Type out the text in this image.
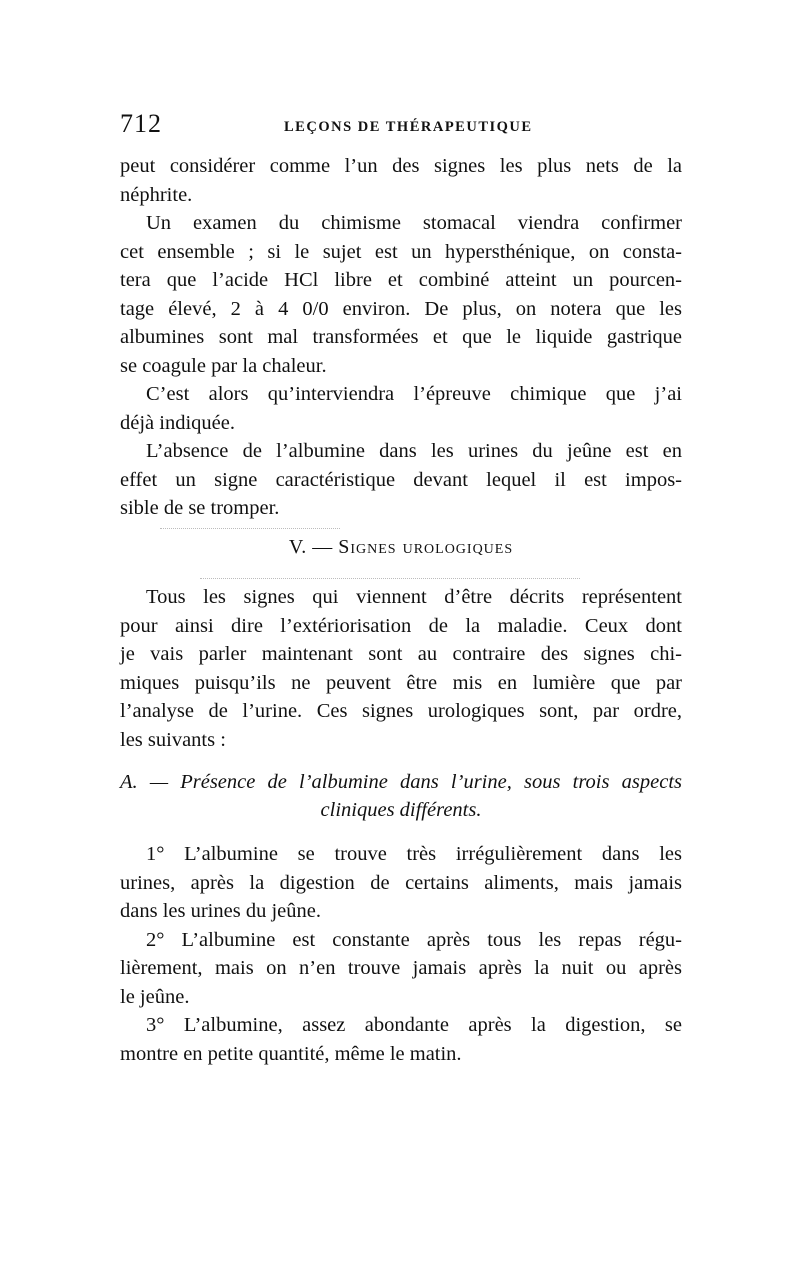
712	LEÇONS DE THÉRAPEUTIQUE
peut considérer comme l’un des signes les plus nets de la
néphrite.
Un examen du chimisme stomacal viendra confirmer
cet ensemble ; si le sujet est un hypersthénique, on consta-
tera que l’acide HCl libre et combiné atteint un pourcen-
tage élevé, 2 à 4 0/0 environ. De plus, on notera que les
albumines sont mal transformées et que le liquide gastrique
se coagule par la chaleur.
C’est alors qu’interviendra l’épreuve chimique que j’ai
déjà indiquée.
L’absence de l’albumine dans les urines du jeûne est en
effet un signe caractéristique devant lequel il est impos-
sible de se tromper.
V. — Signes urologiques
Tous les signes qui viennent d’être décrits représentent
pour ainsi dire l’extériorisation de la maladie. Ceux dont
je vais parler maintenant sont au contraire des signes chi-
miques puisqu’ils ne peuvent être mis en lumière que par
l’analyse de l’urine. Ces signes urologiques sont, par ordre,
les suivants :
A. — Présence de l’albumine dans l’urine, sous trois aspects
cliniques différents.
1° L’albumine se trouve très irrégulièrement dans les
urines, après la digestion de certains aliments, mais jamais
dans les urines du jeûne.
2° L’albumine est constante après tous les repas régu-
lièrement, mais on n’en trouve jamais après la nuit ou après
le jeûne.
3° L’albumine, assez abondante après la digestion, se
montre en petite quantité, même le matin.
